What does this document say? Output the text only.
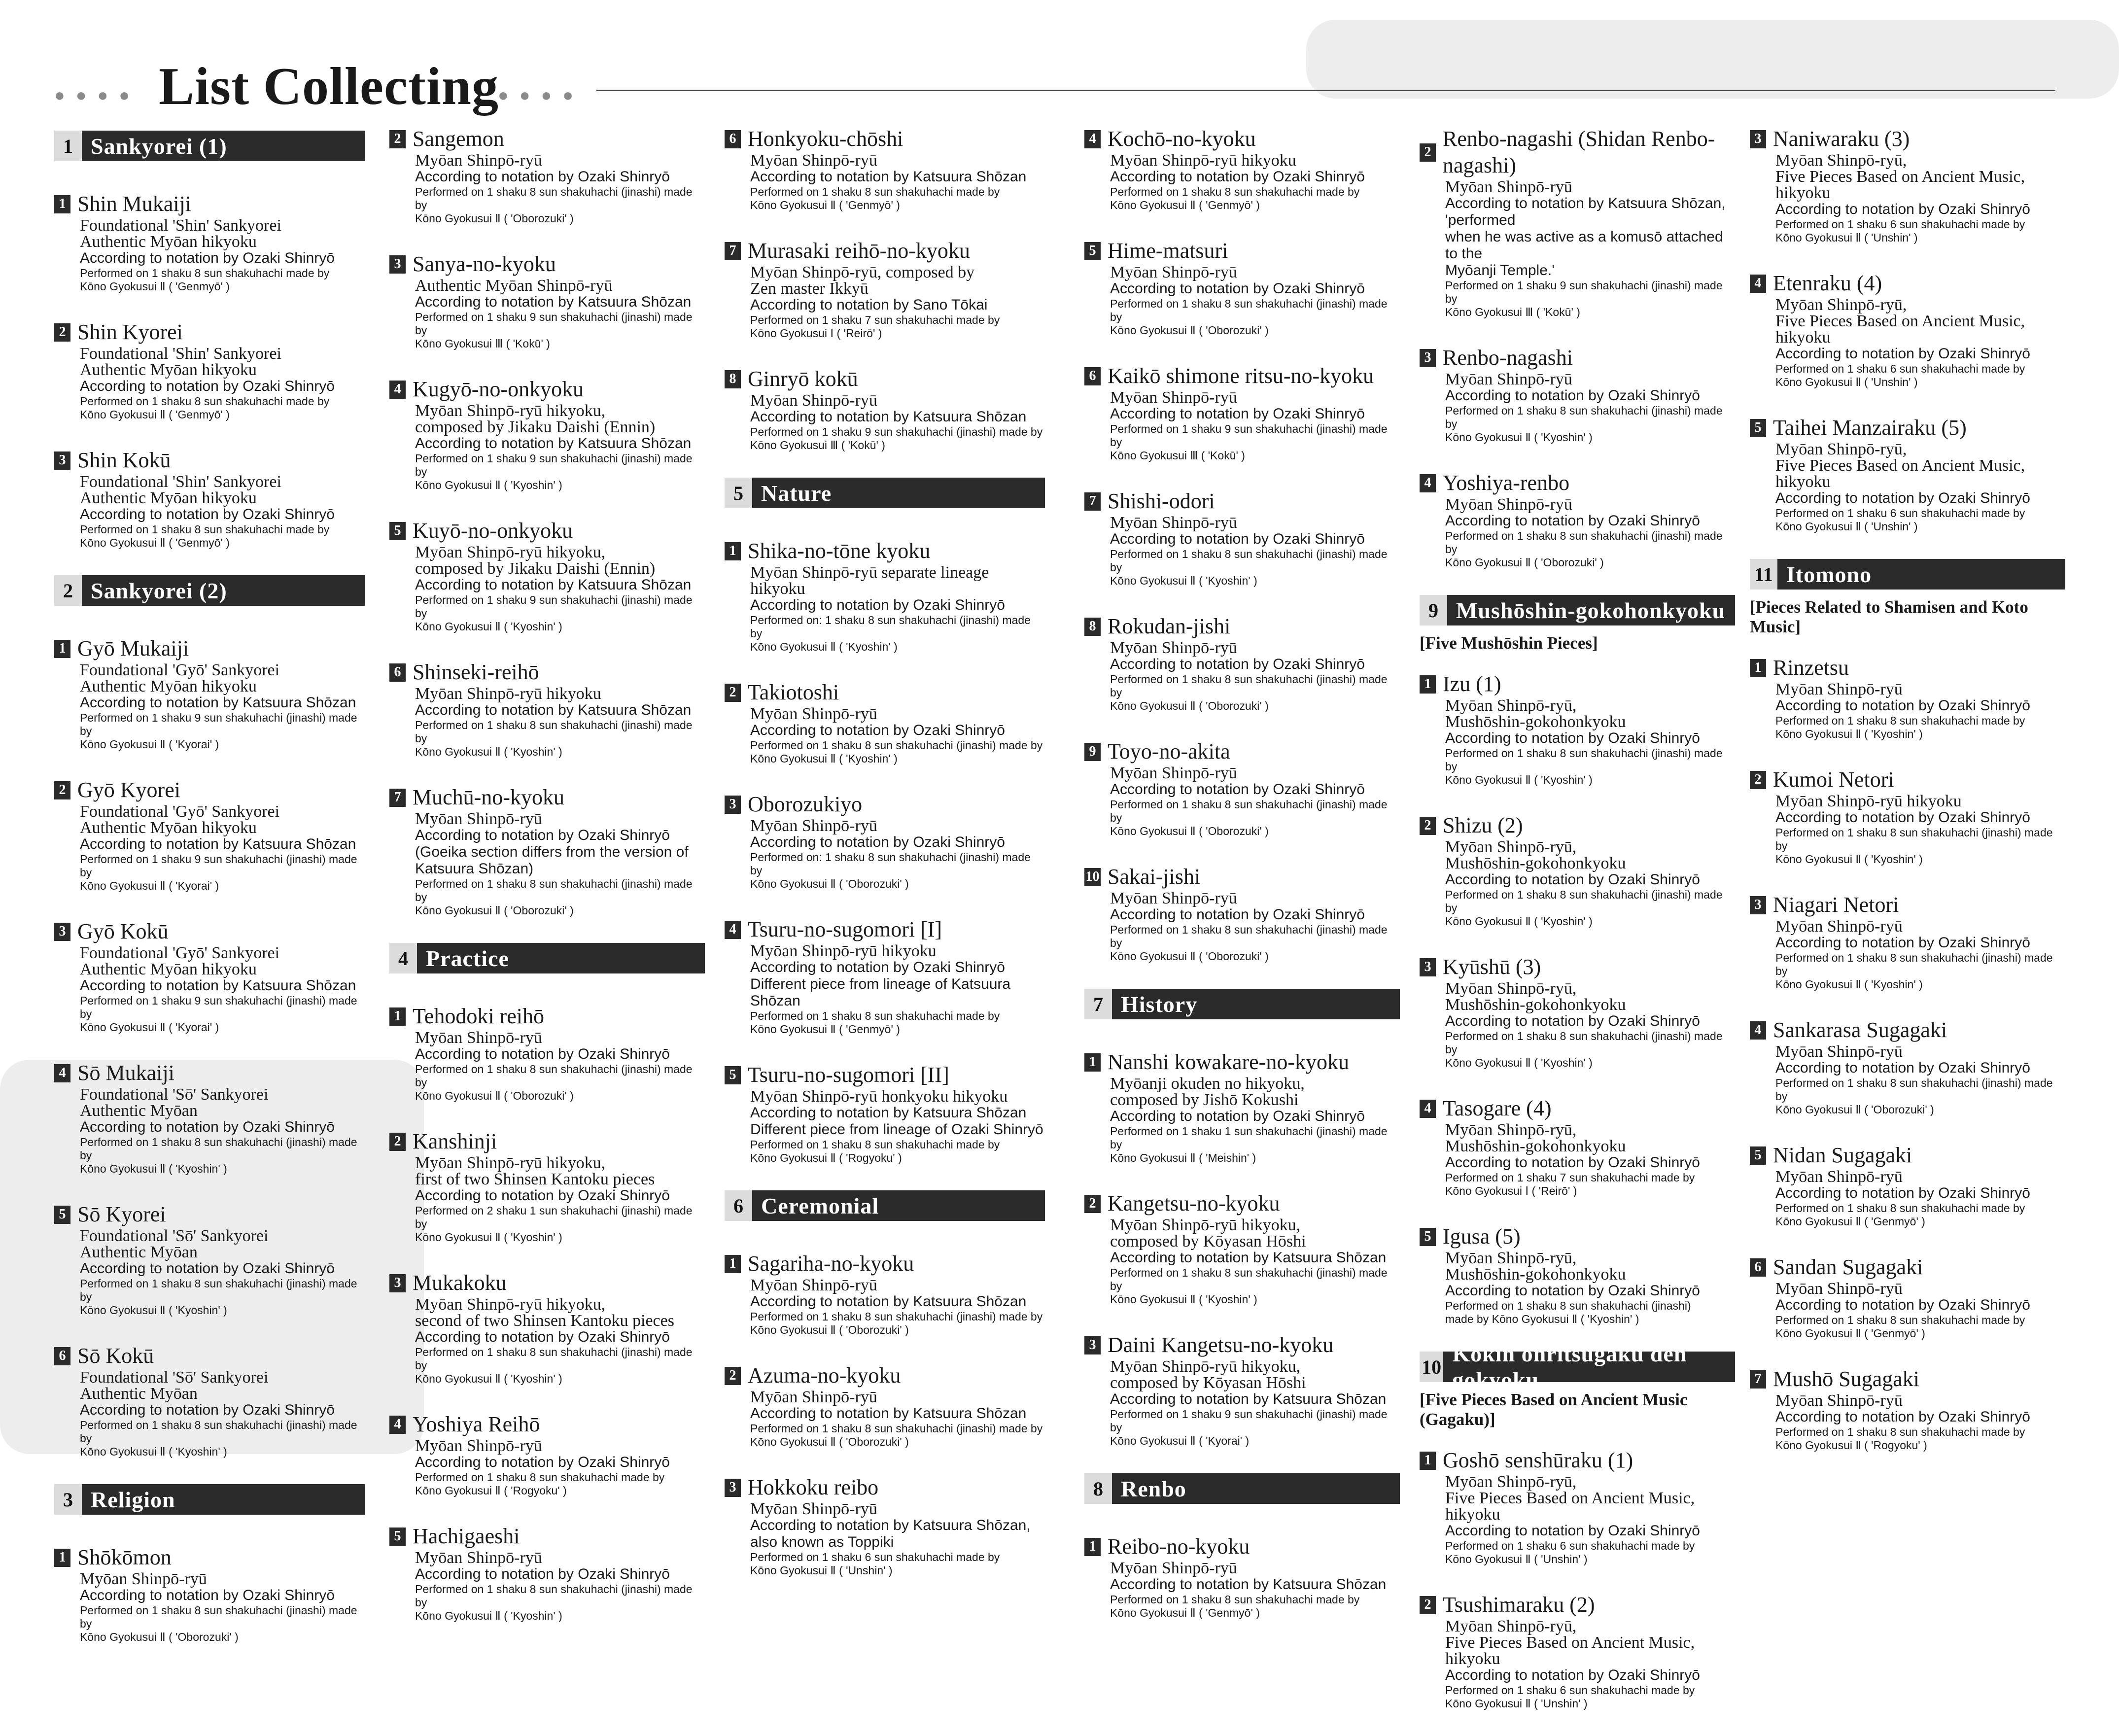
●●●● List Collecting
●●●●
1 Sankyorei (1)
1 Shin Mukaiji
Foundational 'Shin' Sankyorei
Authentic Myōan hikyoku
According to notation by Ozaki Shinryō
Performed on 1 shaku 8 sun shakuhachi made by
Kōno Gyokusui Ⅱ ( 'Genmyō' )
2 Shin Kyorei
Foundational 'Shin' Sankyorei
Authentic Myōan hikyoku
According to notation by Ozaki Shinryō
Performed on 1 shaku 8 sun shakuhachi made by
Kōno Gyokusui Ⅱ ( 'Genmyō' )
3 Shin Kokū
Foundational 'Shin' Sankyorei
Authentic Myōan hikyoku
According to notation by Ozaki Shinryō
Performed on 1 shaku 8 sun shakuhachi made by
Kōno Gyokusui Ⅱ ( 'Genmyō' )
2 Sankyorei (2)
1 Gyō Mukaiji
Foundational 'Gyō' Sankyorei
Authentic Myōan hikyoku
According to notation by Katsuura Shōzan
Performed on 1 shaku 9 sun shakuhachi (jinashi) made by
Kōno Gyokusui Ⅱ ( 'Kyorai' )
2 Gyō Kyorei
Foundational 'Gyō' Sankyorei
Authentic Myōan hikyoku
According to notation by Katsuura Shōzan
Performed on 1 shaku 9 sun shakuhachi (jinashi) made by
Kōno Gyokusui Ⅱ ( 'Kyorai' )
3 Gyō Kokū
Foundational 'Gyō' Sankyorei
Authentic Myōan hikyoku
According to notation by Katsuura Shōzan
Performed on 1 shaku 9 sun shakuhachi (jinashi) made by
Kōno Gyokusui Ⅱ ( 'Kyorai' )
4 Sō Mukaiji
Foundational 'Sō' Sankyorei
Authentic Myōan
According to notation by Ozaki Shinryō
Performed on 1 shaku 8 sun shakuhachi (jinashi) made by
Kōno Gyokusui Ⅱ ( 'Kyoshin' )
5 Sō Kyorei
Foundational 'Sō' Sankyorei
Authentic Myōan
According to notation by Ozaki Shinryō
Performed on 1 shaku 8 sun shakuhachi (jinashi) made by
Kōno Gyokusui Ⅱ ( 'Kyoshin' )
6 Sō Kokū
Foundational 'Sō' Sankyorei
Authentic Myōan
According to notation by Ozaki Shinryō
Performed on 1 shaku 8 sun shakuhachi (jinashi) made by
Kōno Gyokusui Ⅱ ( 'Kyoshin' )
3 Religion
1 Shōkōmon
Myōan Shinpō-ryū
According to notation by Ozaki Shinryō
Performed on 1 shaku 8 sun shakuhachi (jinashi) made by
Kōno Gyokusui Ⅱ ( 'Oborozuki' )
2 Sangemon
Myōan Shinpō-ryū
According to notation by Ozaki Shinryō
Performed on 1 shaku 8 sun shakuhachi (jinashi) made by
Kōno Gyokusui Ⅱ ( 'Oborozuki' )
3 Sanya-no-kyoku
Authentic Myōan Shinpō-ryū
According to notation by Katsuura Shōzan
Performed on 1 shaku 9 sun shakuhachi (jinashi) made by
Kōno Gyokusui Ⅲ ( 'Kokū' )
4 Kugyō-no-onkyoku
Myōan Shinpō-ryū hikyoku,
composed by Jikaku Daishi (Ennin)
According to notation by Katsuura Shōzan
Performed on 1 shaku 9 sun shakuhachi (jinashi) made by
Kōno Gyokusui Ⅱ ( 'Kyoshin' )
5 Kuyō-no-onkyoku
Myōan Shinpō-ryū hikyoku,
composed by Jikaku Daishi (Ennin)
According to notation by Katsuura Shōzan
Performed on 1 shaku 9 sun shakuhachi (jinashi) made by
Kōno Gyokusui Ⅱ ( 'Kyoshin' )
6 Shinseki-reihō
Myōan Shinpō-ryū hikyoku
According to notation by Katsuura Shōzan
Performed on 1 shaku 8 sun shakuhachi (jinashi) made by
Kōno Gyokusui Ⅱ ( 'Kyoshin' )
7 Muchū-no-kyoku
Myōan Shinpō-ryū
According to notation by Ozaki Shinryō
(Goeika section differs from the version of
Katsuura Shōzan)
Performed on 1 shaku 8 sun shakuhachi (jinashi) made by
Kōno Gyokusui Ⅱ ( 'Oborozuki' )
4 Practice
1 Tehodoki reihō
Myōan Shinpō-ryū
According to notation by Ozaki Shinryō
Performed on 1 shaku 8 sun shakuhachi (jinashi) made by
Kōno Gyokusui Ⅱ ( 'Oborozuki' )
2 Kanshinji
Myōan Shinpō-ryū hikyoku,
first of two Shinsen Kantoku pieces
According to notation by Ozaki Shinryō
Performed on 2 shaku 1 sun shakuhachi (jinashi) made by
Kōno Gyokusui Ⅱ ( 'Kyoshin' )
3 Mukakoku
Myōan Shinpō-ryū hikyoku,
second of two Shinsen Kantoku pieces
According to notation by Ozaki Shinryō
Performed on 1 shaku 8 sun shakuhachi (jinashi) made by
Kōno Gyokusui Ⅱ ( 'Kyoshin' )
4 Yoshiya Reihō
Myōan Shinpō-ryū
According to notation by Ozaki Shinryō
Performed on 1 shaku 8 sun shakuhachi made by
Kōno Gyokusui Ⅱ ( 'Rogyoku' )
5 Hachigaeshi
Myōan Shinpō-ryū
According to notation by Ozaki Shinryō
Performed on 1 shaku 8 sun shakuhachi (jinashi) made by
Kōno Gyokusui Ⅱ ( 'Kyoshin' )
6 Honkyoku-chōshi
Myōan Shinpō-ryū
According to notation by Katsuura Shōzan
Performed on 1 shaku 8 sun shakuhachi made by
Kōno Gyokusui Ⅱ ( 'Genmyō' )
7 Murasaki reihō-no-kyoku
Myōan Shinpō-ryū, composed by
Zen master Ikkyū
According to notation by Sano Tōkai
Performed on 1 shaku 7 sun shakuhachi made by
Kōno Gyokusui Ⅰ ( 'Reirō' )
8 Ginryō kokū
Myōan Shinpō-ryū
According to notation by Katsuura Shōzan
Performed on 1 shaku 9 sun shakuhachi (jinashi) made by
Kōno Gyokusui Ⅲ ( 'Kokū' )
5 Nature
1 Shika-no-tōne kyoku
Myōan Shinpō-ryū separate lineage hikyoku
According to notation by Ozaki Shinryō
Performed on: 1 shaku 8 sun shakuhachi (jinashi) made by
Kōno Gyokusui Ⅱ ( 'Kyoshin' )
2 Takiotoshi
Myōan Shinpō-ryū
According to notation by Ozaki Shinryō
Performed on 1 shaku 8 sun shakuhachi (jinashi) made by
Kōno Gyokusui Ⅱ ( 'Kyoshin' )
3 Oborozukiyo
Myōan Shinpō-ryū
According to notation by Ozaki Shinryō
Performed on: 1 shaku 8 sun shakuhachi (jinashi) made by
Kōno Gyokusui Ⅱ ( 'Oborozuki' )
4 Tsuru-no-sugomori [I]
Myōan Shinpō-ryū hikyoku
According to notation by Ozaki Shinryō
Different piece from lineage of Katsuura Shōzan
Performed on 1 shaku 8 sun shakuhachi made by
Kōno Gyokusui Ⅱ ( 'Genmyō' )
5 Tsuru-no-sugomori [II]
Myōan Shinpō-ryū honkyoku hikyoku
According to notation by Katsuura Shōzan
Different piece from lineage of Ozaki Shinryō
Performed on 1 shaku 8 sun shakuhachi made by
Kōno Gyokusui Ⅱ ( 'Rogyoku' )
6 Ceremonial
1 Sagariha-no-kyoku
Myōan Shinpō-ryū
According to notation by Katsuura Shōzan
Performed on 1 shaku 8 sun shakuhachi (jinashi) made by
Kōno Gyokusui Ⅱ ( 'Oborozuki' )
2 Azuma-no-kyoku
Myōan Shinpō-ryū
According to notation by Katsuura Shōzan
Performed on 1 shaku 8 sun shakuhachi (jinashi) made by
Kōno Gyokusui Ⅱ ( 'Oborozuki' )
3 Hokkoku reibo
Myōan Shinpō-ryū
According to notation by Katsuura Shōzan,
also known as Toppiki
Performed on 1 shaku 6 sun shakuhachi made by
Kōno Gyokusui Ⅱ ( 'Unshin' )
4 Kochō-no-kyoku
Myōan Shinpō-ryū hikyoku
According to notation by Ozaki Shinryō
Performed on 1 shaku 8 sun shakuhachi made by
Kōno Gyokusui Ⅱ ( 'Genmyō' )
5 Hime-matsuri
Myōan Shinpō-ryū
According to notation by Ozaki Shinryō
Performed on 1 shaku 8 sun shakuhachi (jinashi) made by
Kōno Gyokusui Ⅱ ( 'Oborozuki' )
6 Kaikō shimone ritsu-no-kyoku
Myōan Shinpō-ryū
According to notation by Ozaki Shinryō
Performed on 1 shaku 9 sun shakuhachi (jinashi) made by
Kōno Gyokusui Ⅲ ( 'Kokū' )
7 Shishi-odori
Myōan Shinpō-ryū
According to notation by Ozaki Shinryō
Performed on 1 shaku 8 sun shakuhachi (jinashi) made by
Kōno Gyokusui Ⅱ ( 'Kyoshin' )
8 Rokudan-jishi
Myōan Shinpō-ryū
According to notation by Ozaki Shinryō
Performed on 1 shaku 8 sun shakuhachi (jinashi) made by
Kōno Gyokusui Ⅱ ( 'Oborozuki' )
9 Toyo-no-akita
Myōan Shinpō-ryū
According to notation by Ozaki Shinryō
Performed on 1 shaku 8 sun shakuhachi (jinashi) made by
Kōno Gyokusui Ⅱ ( 'Oborozuki' )
10 Sakai-jishi
Myōan Shinpō-ryū
According to notation by Ozaki Shinryō
Performed on 1 shaku 8 sun shakuhachi (jinashi) made by
Kōno Gyokusui Ⅱ ( 'Oborozuki' )
7 History
1 Nanshi kowakare-no-kyoku
Myōanji okuden no hikyoku,
composed by Jishō Kokushi
According to notation by Ozaki Shinryō
Performed on 1 shaku 1 sun shakuhachi (jinashi) made by
Kōno Gyokusui Ⅱ ( 'Meishin' )
2 Kangetsu-no-kyoku
Myōan Shinpō-ryū hikyoku,
composed by Kōyasan Hōshi
According to notation by Katsuura Shōzan
Performed on 1 shaku 8 sun shakuhachi (jinashi) made by
Kōno Gyokusui Ⅱ ( 'Kyoshin' )
3 Daini Kangetsu-no-kyoku
Myōan Shinpō-ryū hikyoku,
composed by Kōyasan Hōshi
According to notation by Katsuura Shōzan
Performed on 1 shaku 9 sun shakuhachi (jinashi) made by
Kōno Gyokusui Ⅱ ( 'Kyorai' )
8 Renbo
1 Reibo-no-kyoku
Myōan Shinpō-ryū
According to notation by Katsuura Shōzan
Performed on 1 shaku 8 sun shakuhachi made by
Kōno Gyokusui Ⅱ ( 'Genmyō' )
2
Renbo-nagashi (Shidan Renbo-nagashi)
Myōan Shinpō-ryū
According to notation by Katsuura Shōzan, 'performed
when he was active as a komusō attached to the
Myōanji Temple.'
Performed on 1 shaku 9 sun shakuhachi (jinashi) made by
Kōno Gyokusui Ⅲ ( 'Kokū' )
3 Renbo-nagashi
Myōan Shinpō-ryū
According to notation by Ozaki Shinryō
Performed on 1 shaku 8 sun shakuhachi (jinashi) made by
Kōno Gyokusui Ⅱ ( 'Kyoshin' )
4 Yoshiya-renbo
Myōan Shinpō-ryū
According to notation by Ozaki Shinryō
Performed on 1 shaku 8 sun shakuhachi (jinashi) made by
Kōno Gyokusui Ⅱ ( 'Oborozuki' )
9 Mushōshin-gokohonkyoku
[Five Mushōshin Pieces]
1 Izu (1)
Myōan Shinpō-ryū,
Mushōshin-gokohonkyoku
According to notation by Ozaki Shinryō
Performed on 1 shaku 8 sun shakuhachi (jinashi) made by
Kōno Gyokusui Ⅱ ( 'Kyoshin' )
2 Shizu (2)
Myōan Shinpō-ryū,
Mushōshin-gokohonkyoku
According to notation by Ozaki Shinryō
Performed on 1 shaku 8 sun shakuhachi (jinashi) made by
Kōno Gyokusui Ⅱ ( 'Kyoshin' )
3 Kyūshū (3)
Myōan Shinpō-ryū,
Mushōshin-gokohonkyoku
According to notation by Ozaki Shinryō
Performed on 1 shaku 8 sun shakuhachi (jinashi) made by
Kōno Gyokusui Ⅱ ( 'Kyoshin' )
4 Tasogare (4)
Myōan Shinpō-ryū,
Mushōshin-gokohonkyoku
According to notation by Ozaki Shinryō
Performed on 1 shaku 7 sun shakuhachi made by
Kōno Gyokusui Ⅰ ( 'Reirō' )
5 Igusa (5)
Myōan Shinpō-ryū,
Mushōshin-gokohonkyoku
According to notation by Ozaki Shinryō
Performed on 1 shaku 8 sun shakuhachi (jinashi)
made by Kōno Gyokusui Ⅱ ( 'Kyoshin' )
10
Kokin onritsugaku den gokyoku
[Five Pieces Based on Ancient Music (Gagaku)]
1 Goshō senshūraku (1)
Myōan Shinpō-ryū,
Five Pieces Based on Ancient Music, hikyoku
According to notation by Ozaki Shinryō
Performed on 1 shaku 6 sun shakuhachi made by
Kōno Gyokusui Ⅱ ( 'Unshin' )
2 Tsushimaraku (2)
Myōan Shinpō-ryū,
Five Pieces Based on Ancient Music, hikyoku
According to notation by Ozaki Shinryō
Performed on 1 shaku 6 sun shakuhachi made by
Kōno Gyokusui Ⅱ ( 'Unshin' )
3 Naniwaraku (3)
Myōan Shinpō-ryū,
Five Pieces Based on Ancient Music, hikyoku
According to notation by Ozaki Shinryō
Performed on 1 shaku 6 sun shakuhachi made by
Kōno Gyokusui Ⅱ ( 'Unshin' )
4 Etenraku (4)
Myōan Shinpō-ryū,
Five Pieces Based on Ancient Music, hikyoku
According to notation by Ozaki Shinryō
Performed on 1 shaku 6 sun shakuhachi made by
Kōno Gyokusui Ⅱ ( 'Unshin' )
5 Taihei Manzairaku (5)
Myōan Shinpō-ryū,
Five Pieces Based on Ancient Music, hikyoku
According to notation by Ozaki Shinryō
Performed on 1 shaku 6 sun shakuhachi made by
Kōno Gyokusui Ⅱ ( 'Unshin' )
11 Itomono
[Pieces Related to Shamisen and Koto Music]
1 Rinzetsu
Myōan Shinpō-ryū
According to notation by Ozaki Shinryō
Performed on 1 shaku 8 sun shakuhachi made by
Kōno Gyokusui Ⅱ ( 'Kyoshin' )
2 Kumoi Netori
Myōan Shinpō-ryū hikyoku
According to notation by Ozaki Shinryō
Performed on 1 shaku 8 sun shakuhachi (jinashi) made by
Kōno Gyokusui Ⅱ ( 'Kyoshin' )
3 Niagari Netori
Myōan Shinpō-ryū
According to notation by Ozaki Shinryō
Performed on 1 shaku 8 sun shakuhachi (jinashi) made by
Kōno Gyokusui Ⅱ ( 'Kyoshin' )
4 Sankarasa Sugagaki
Myōan Shinpō-ryū
According to notation by Ozaki Shinryō
Performed on 1 shaku 8 sun shakuhachi (jinashi) made by
Kōno Gyokusui Ⅱ ( 'Oborozuki' )
5 Nidan Sugagaki
Myōan Shinpō-ryū
According to notation by Ozaki Shinryō
Performed on 1 shaku 8 sun shakuhachi made by
Kōno Gyokusui Ⅱ ( 'Genmyō' )
6 Sandan Sugagaki
Myōan Shinpō-ryū
According to notation by Ozaki Shinryō
Performed on 1 shaku 8 sun shakuhachi made by
Kōno Gyokusui Ⅱ ( 'Genmyō' )
7 Mushō Sugagaki
Myōan Shinpō-ryū
According to notation by Ozaki Shinryō
Performed on 1 shaku 8 sun shakuhachi made by
Kōno Gyokusui Ⅱ ( 'Rogyoku' )
